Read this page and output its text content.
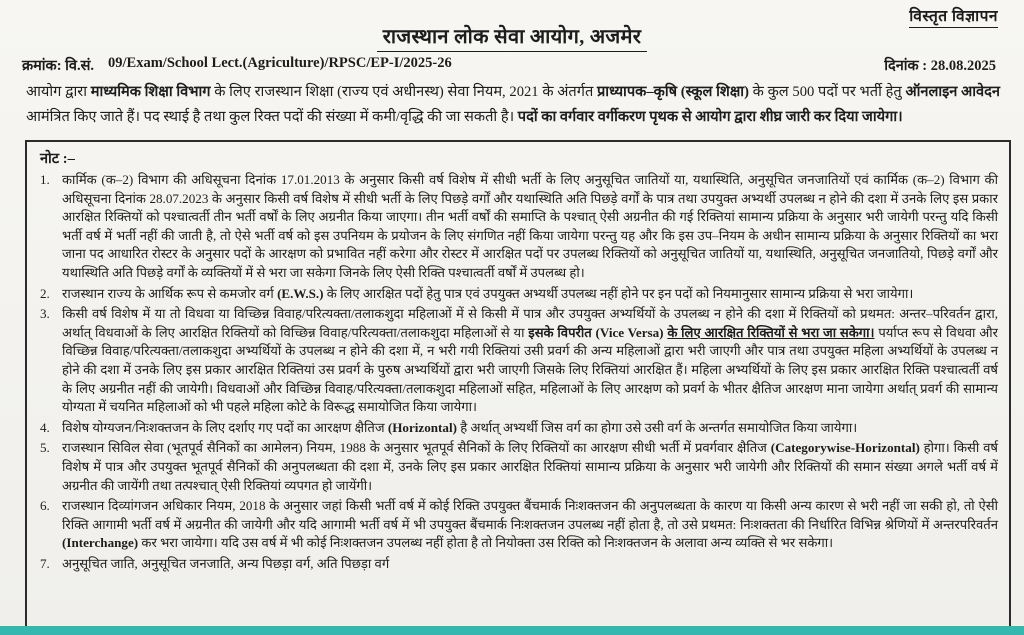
विस्तृत विज्ञापन
राजस्थान लोक सेवा आयोग, अजमेर
क्रमांक: वि.सं. 09/Exam/School Lect.(Agriculture)/RPSC/EP-I/2025-26	दिनांक : 28.08.2025
आयोग द्वारा माध्यमिक शिक्षा विभाग के लिए राजस्थान शिक्षा (राज्य एवं अधीनस्थ) सेवा नियम, 2021 के अंतर्गत प्राध्यापक–कृषि (स्कूल शिक्षा) के कुल 500 पदों पर भर्ती हेतु ऑनलाइन आवेदन आमंत्रित किए जाते हैं। पद स्थाई है तथा कुल रिक्त पदों की संख्या में कमी/वृद्धि की जा सकती है। पदों का वर्गवार वर्गीकरण पृथक से आयोग द्वारा शीघ्र जारी कर दिया जायेगा।
नोट :–
1. कार्मिक (क–2) विभाग की अधिसूचना दिनांक 17.01.2013 के अनुसार किसी वर्ष विशेष में सीधी भर्ती के लिए अनुसूचित जातियों या, यथास्थिति, अनुसूचित जनजातियों एवं कार्मिक (क–2) विभाग की अधिसूचना दिनांक 28.07.2023 के अनुसार किसी वर्ष विशेष में सीधी भर्ती के लिए पिछड़े वर्गों और यथास्थिति अति पिछड़े वर्गों के पात्र तथा उपयुक्त अभ्यर्थी उपलब्ध न होने की दशा में उनके लिए इस प्रकार आरक्षित रिक्तियों को पश्चात्वर्ती तीन भर्ती वर्षों के लिए अग्रनीत किया जाएगा। तीन भर्ती वर्षों की समाप्ति के पश्चात् ऐसी अग्रनीत की गई रिक्तियां सामान्य प्रक्रिया के अनुसार भरी जायेगी परन्तु यदि किसी भर्ती वर्ष में भर्ती नहीं की जाती है, तो ऐसे भर्ती वर्ष को इस उपनियम के प्रयोजन के लिए संगणित नहीं किया जायेगा परन्तु यह और कि इस उप–नियम के अधीन सामान्य प्रक्रिया के अनुसार रिक्तियों का भरा जाना पद आधारित रोस्टर के अनुसार पदों के आरक्षण को प्रभावित नहीं करेगा और रोस्टर में आरक्षित पदों पर उपलब्ध रिक्तियों को अनुसूचित जातियों या, यथास्थिति, अनुसूचित जनजातियो, पिछड़े वर्गों और यथास्थिति अति पिछड़े वर्गों के व्यक्तियों में से भरा जा सकेगा जिनके लिए ऐसी रिक्ति पश्चात्वर्ती वर्षों में उपलब्ध हो।
2. राजस्थान राज्य के आर्थिक रूप से कमजोर वर्ग (E.W.S.) के लिए आरक्षित पदों हेतु पात्र एवं उपयुक्त अभ्यर्थी उपलब्ध नहीं होने पर इन पदों को नियमानुसार सामान्य प्रक्रिया से भरा जायेगा।
3. किसी वर्ष विशेष में या तो विधवा या विच्छिन्न विवाह/परित्यक्ता/तलाकशुदा महिलाओं में से किसी में पात्र और उपयुक्त अभ्यर्थियों के उपलब्ध न होने की दशा में रिक्तियों को प्रथमत: अन्तर–परिवर्तन द्वारा, अर्थात् विधवाओं के लिए आरक्षित रिक्तियों को विच्छिन्न विवाह/परित्यक्ता/तलाकशुदा महिलाओं से या इसके विपरीत (Vice Versa) के लिए आरक्षित रिक्तियों से भरा जा सकेगा। पर्याप्त रूप से विधवा और विच्छिन्न विवाह/परित्यक्ता/तलाकशुदा अभ्यर्थियों के उपलब्ध न होने की दशा में, न भरी गयी रिक्तियां उसी प्रवर्ग की अन्य महिलाओं द्वारा भरी जाएगी और पात्र तथा उपयुक्त महिला अभ्यर्थियों के उपलब्ध न होने की दशा में उनके लिए इस प्रकार आरक्षित रिक्तियां उस प्रवर्ग के पुरुष अभ्यर्थियों द्वारा भरी जाएगी जिसके लिए रिक्तियां आरक्षित हैं। महिला अभ्यर्थियों के लिए इस प्रकार आरक्षित रिक्ति पश्चात्वर्ती वर्ष के लिए अग्रनीत नहीं की जायेगी। विधवाओं और विच्छिन्न विवाह/परित्यक्ता/तलाकशुदा महिलाओं सहित, महिलाओं के लिए आरक्षण को प्रवर्ग के भीतर क्षैतिज आरक्षण माना जायेगा अर्थात् प्रवर्ग की सामान्य योग्यता में चयनित महिलाओं को भी पहले महिला कोटे के विरूद्ध समायोजित किया जायेगा।
4. विशेष योग्यजन/निःशक्तजन के लिए दर्शाए गए पदों का आरक्षण क्षैतिज (Horizontal) है अर्थात् अभ्यर्थी जिस वर्ग का होगा उसे उसी वर्ग के अन्तर्गत समायोजित किया जायेगा।
5. राजस्थान सिविल सेवा (भूतपूर्व सैनिकों का आमेलन) नियम, 1988 के अनुसार भूतपूर्व सैनिकों के लिए रिक्तियों का आरक्षण सीधी भर्ती में प्रवर्गवार क्षैतिज (Categorywise-Horizontal) होगा। किसी वर्ष विशेष में पात्र और उपयुक्त भूतपूर्व सैनिकों की अनुपलब्धता की दशा में, उनके लिए इस प्रकार आरक्षित रिक्तियां सामान्य प्रक्रिया के अनुसार भरी जायेगी और रिक्तियों की समान संख्या अगले भर्ती वर्ष में अग्रनीत की जायेंगी तथा तत्पश्चात् ऐसी रिक्तियां व्यपगत हो जायेंगी।
6. राजस्थान दिव्यांगजन अधिकार नियम, 2018 के अनुसार जहां किसी भर्ती वर्ष में कोई रिक्ति उपयुक्त बैंचमार्क निःशक्तजन की अनुपलब्धता के कारण या किसी अन्य कारण से भरी नहीं जा सकी हो, तो ऐसी रिक्ति आगामी भर्ती वर्ष में अग्रनीत की जायेगी और यदि आगामी भर्ती वर्ष में भी उपयुक्त बैंचमार्क निःशक्तजन उपलब्ध नहीं होता है, तो उसे प्रथमत: निःशक्तता की निर्धारित विभिन्न श्रेणियों में अन्तरपरिवर्तन (Interchange) कर भरा जायेगा। यदि उस वर्ष में भी कोई निःशक्तजन उपलब्ध नहीं होता है तो नियोक्ता उस रिक्ति को निःशक्तजन के अलावा अन्य व्यक्ति से भर सकेगा।
7. अनुसूचित जाति, अनुसूचित जनजाति, अन्य पिछड़ा वर्ग, अति पिछड़ा वर्ग
